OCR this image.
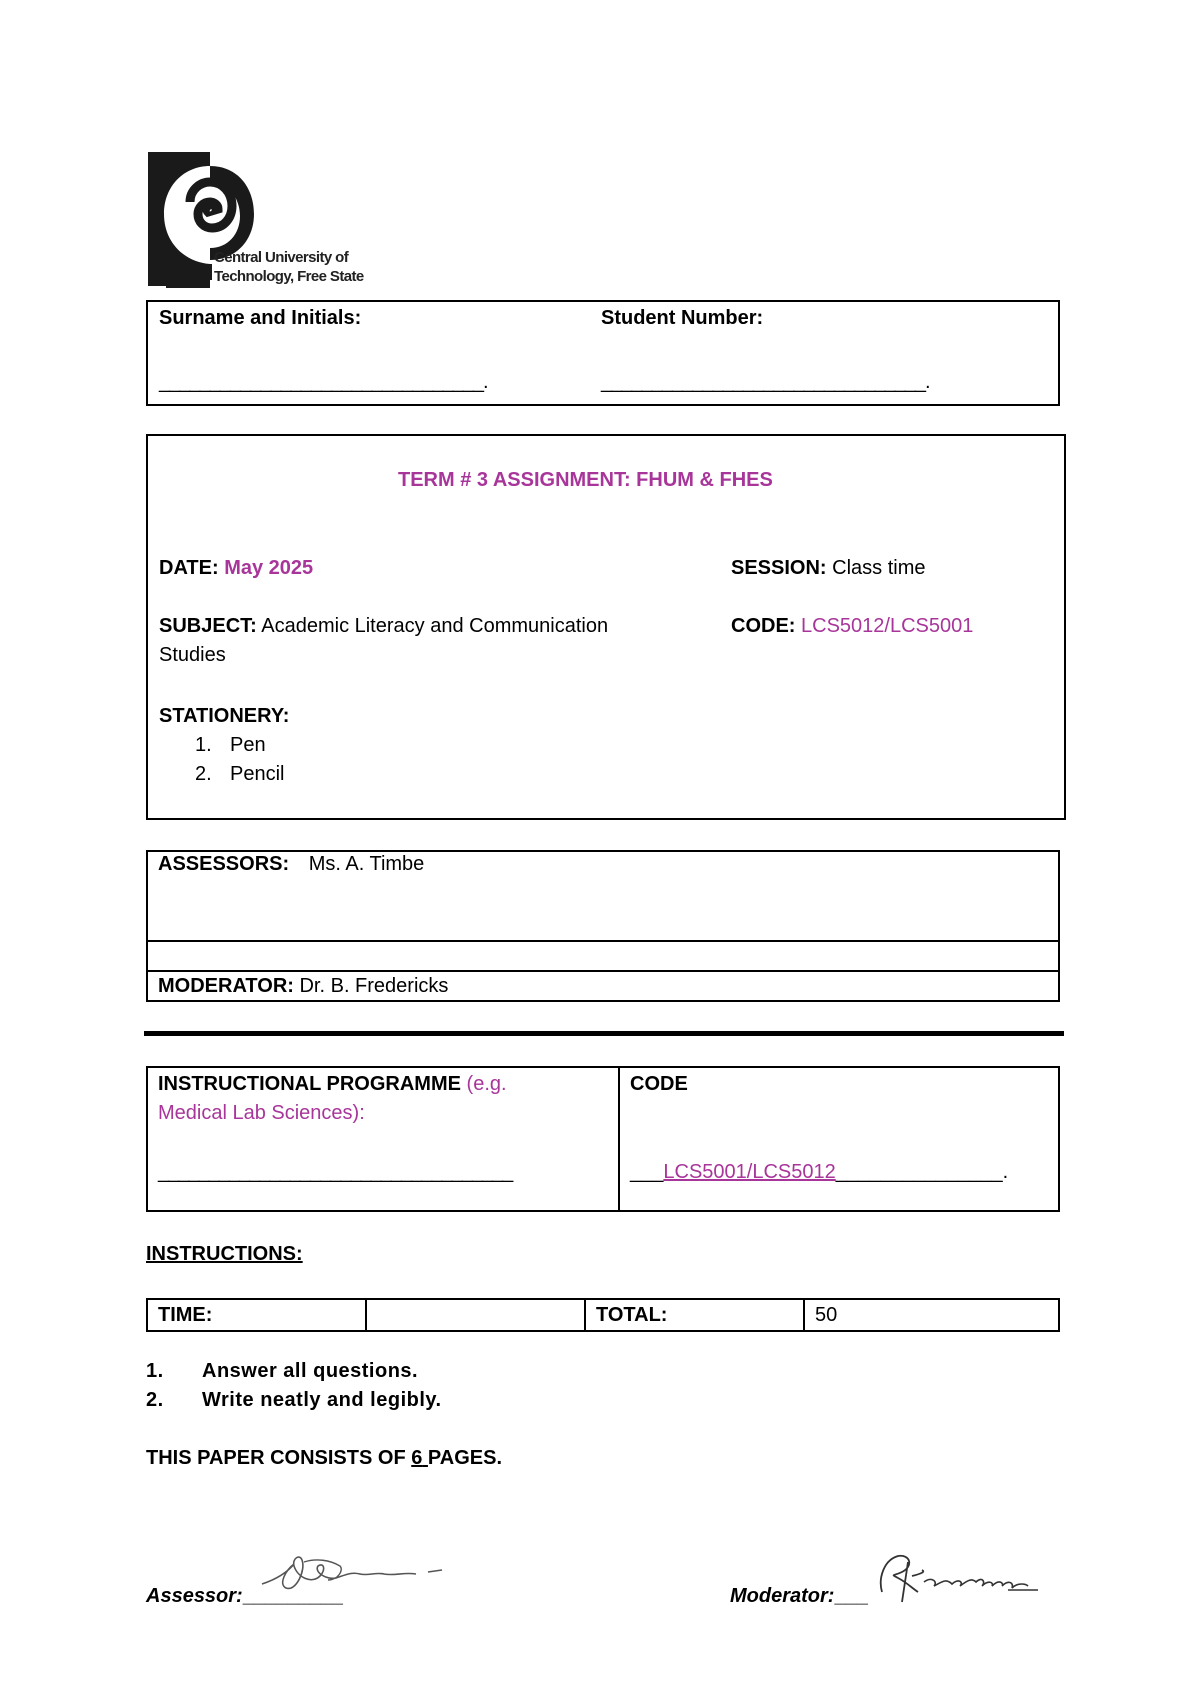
Central University of
Technology, Free State
Surname and Initials:	Student Number:
________________________________.	________________________________.
TERM # 3 ASSIGNMENT: FHUM & FHES
DATE: May 2025	SESSION: Class time
SUBJECT: Academic Literacy and Communication
Studies
CODE: LCS5012/LCS5001
STATIONERY:
1. Pen
2. Pencil
ASSESSORS: Ms. A. Timbe

MODERATOR: Dr. B. Fredericks
INSTRUCTIONAL PROGRAMME (e.g.
Medical Lab Sciences):
___________________________________

CODE
___LCS5001/LCS5012_______________.
INSTRUCTIONS:
TIME:		TOTAL:	50
1. Answer all questions.
2. Write neatly and legibly.
THIS PAPER CONSISTS OF 6 PAGES.
Assessor:_________	Moderator:___
